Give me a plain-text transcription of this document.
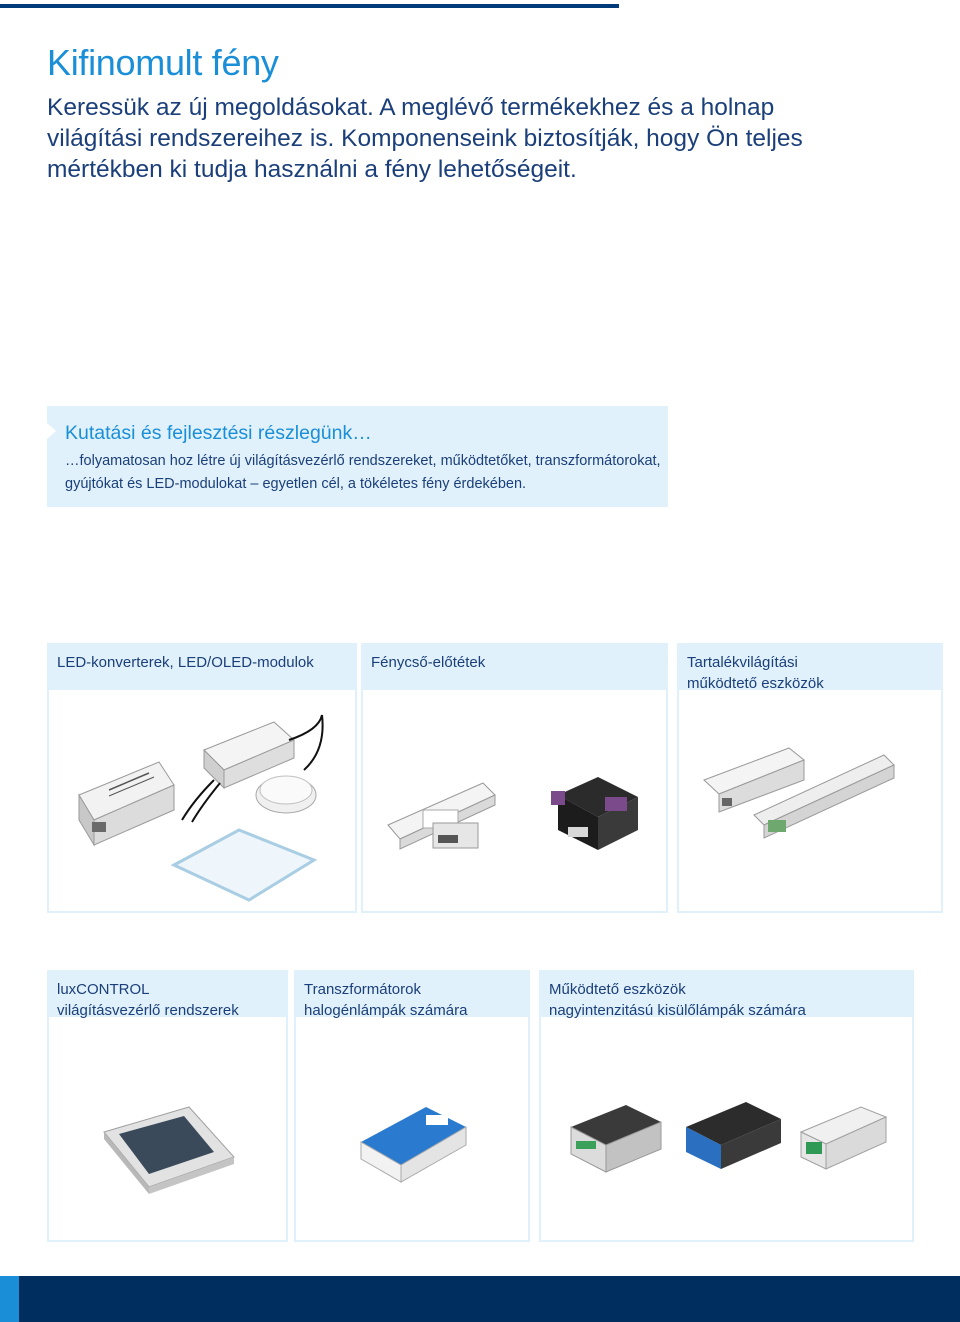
Kifinomult fény

Keressük az új megoldásokat. A meglévő termékekhez és a holnap világítási rendszereihez is. Komponenseink biztosítják, hogy Ön teljes mértékben ki tudja használni a fény lehetőségeit.

Kutatási és fejlesztési részlegünk…

…folyamatosan hoz létre új világításvezérlő rendszereket, működtetőket, transzformátorokat, gyújtókat és LED-modulokat – egyetlen cél, a tökéletes fény érdekében.

LED-konverterek, LED/OLED-modulok	Fénycső-előtétek	Tartalékvilágítási
működtető eszközök
luxCONTROL
világításvezérlő rendszerek
Transzformátorok
halogénlámpák számára
Működtető eszközök
nagyintenzitású kisülőlámpák számára
